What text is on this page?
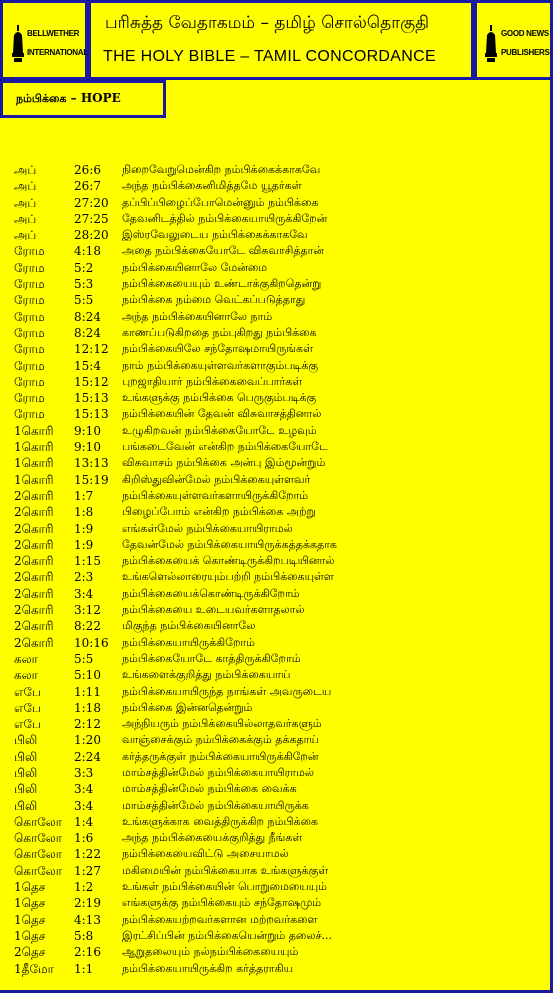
BELLWETHER
INTERNATIONAL
பரிசுத்த வேதாகமம் – தமிழ் சொல்தொகுதி
THE HOLY BIBLE – TAMIL CONCORDANCE
GOOD NEWS
PUBLISHERS
நம்பிக்கை – HOPE
அப்	26:6 நிறைவேறுமென்கிற நம்பிக்கைக்காகவே
அப்	26:7 அந்த நம்பிக்கைனிமித்தமே யூதர்கள்
அப்	27:20 தப்பிப்பிழைப்போமென்னும் நம்பிக்கை
அப்	27:25 தேவனிடத்தில் நம்பிக்கையாயிருக்கிறேன்
அப்	28:20 இஸ்ரவேலுடைய நம்பிக்கைக்காகவே
ரோம 4:18 அதை நம்பிக்கையோடே விசுவாசித்தான்
ரோம 5:2	நம்பிக்கையினாலே மேன்மை
ரோம 5:3	நம்பிக்கையையும் உண்டாக்குகிறதென்று
ரோம 5:5	நம்பிக்கை நம்மை வெட்கப்படுத்தாது
ரோம 8:24 அந்த நம்பிக்கையினாலே நாம்
ரோம 8:24 காணப்படுகிறதை நம்புகிறது நம்பிக்கை
ரோம 12:12 நம்பிக்கையிலே சந்தோஷமாயிருங்கள்
ரோம 15:4 நாம் நம்பிக்கையுள்ளவர்களாகும்படிக்கு
ரோம 15:12 புறஜாதியார் நம்பிக்கைவைப்பார்கள்
ரோம 15:13 உங்களுக்கு நம்பிக்கை பெருகும்படிக்கு
ரோம 15:13 நம்பிக்கையின் தேவன் விசுவாசத்தினால்
1கொரி 9:10 உழுகிறவன் நம்பிக்கையோடே உழவும்
1கொரி 9:10 பங்கடைவேன் என்கிற நம்பிக்கையோடே
1கொரி 13:13 விசுவாசம் நம்பிக்கை அன்பு இம்மூன்றும்
1கொரி 15:19 கிறிஸ்துவின்மேல் நம்பிக்கையுள்ளவர்
2கொரி 1:7	நம்பிக்கையுள்ளவர்களாயிருக்கிறோம்
2கொரி 1:8	பிழைப்போம் என்கிற நம்பிக்கை அற்று
2கொரி 1:9	எங்கள்மேல் நம்பிக்கையாயிராமல்
2கொரி 1:9	தேவன்மேல் நம்பிக்கையாயிருக்கத்தக்கதாக
2கொரி 1:15 நம்பிக்கையைக் கொண்டிருக்கிறபடியினால்
2கொரி 2:3	உங்களெல்லாரையும்பற்றி நம்பிக்கையுள்ள
2கொரி 3:4	நம்பிக்கையைக்கொண்டிருக்கிறோம்
2கொரி 3:12 நம்பிக்கையை உடையவர்களாதலால்
2கொரி 8:22 மிகுந்த நம்பிக்கையினாலே
2கொரி 10:16 நம்பிக்கையாயிருக்கிறோம்
கலா	5:5	நம்பிக்கையோடே காத்திருக்கிறோம்
கலா	5:10 உங்களைக்குறித்து நம்பிக்கையாய்
எபே	1:11 நம்பிக்கையாயிருந்த நாங்கள் அவருடைய
எபே	1:18 நம்பிக்கை இன்னதென்றும்
எபே	2:12 அந்நியரும் நம்பிக்கையில்லாதவர்களும்
பிலி	1:20 வாஞ்சைக்கும் நம்பிக்கைக்கும் தக்கதாய்
பிலி	2:24 கர்த்தருக்குள் நம்பிக்கையாயிருக்கிறேன்
பிலி	3:3	மாம்சத்தின்மேல் நம்பிக்கையாயிராமல்
பிலி	3:4	மாம்சத்தின்மேல் நம்பிக்கை வைக்க
பிலி	3:4	மாம்சத்தின்மேல் நம்பிக்கையாயிருக்க
கொலோ 1:4	உங்களுக்காக வைத்திருக்கிற நம்பிக்கை
கொலோ 1:6	அந்த நம்பிக்கையைக்குறித்து நீங்கள்
கொலோ 1:22 நம்பிக்கையைவிட்டு அசையாமல்
கொலோ 1:27 மகிமையின் நம்பிக்கையாக உங்களுக்குள்
1தெச 1:2	உங்கள் நம்பிக்கையின் பொறுமையையும்
1தெச 2:19 எங்களுக்கு நம்பிக்கையும் சந்தோஷமும்
1தெச 4:13 நம்பிக்கையற்றவர்களான மற்றவர்களை
1தெச 5:8	இரட்சிப்பின் நம்பிக்கையென்றும் தலைச்...
2தெச 2:16 ஆறுதலையும் நல்நம்பிக்கையையும்
1தீமோ 1:1	நம்பிக்கையாயிருக்கிற கர்த்தராகிய
